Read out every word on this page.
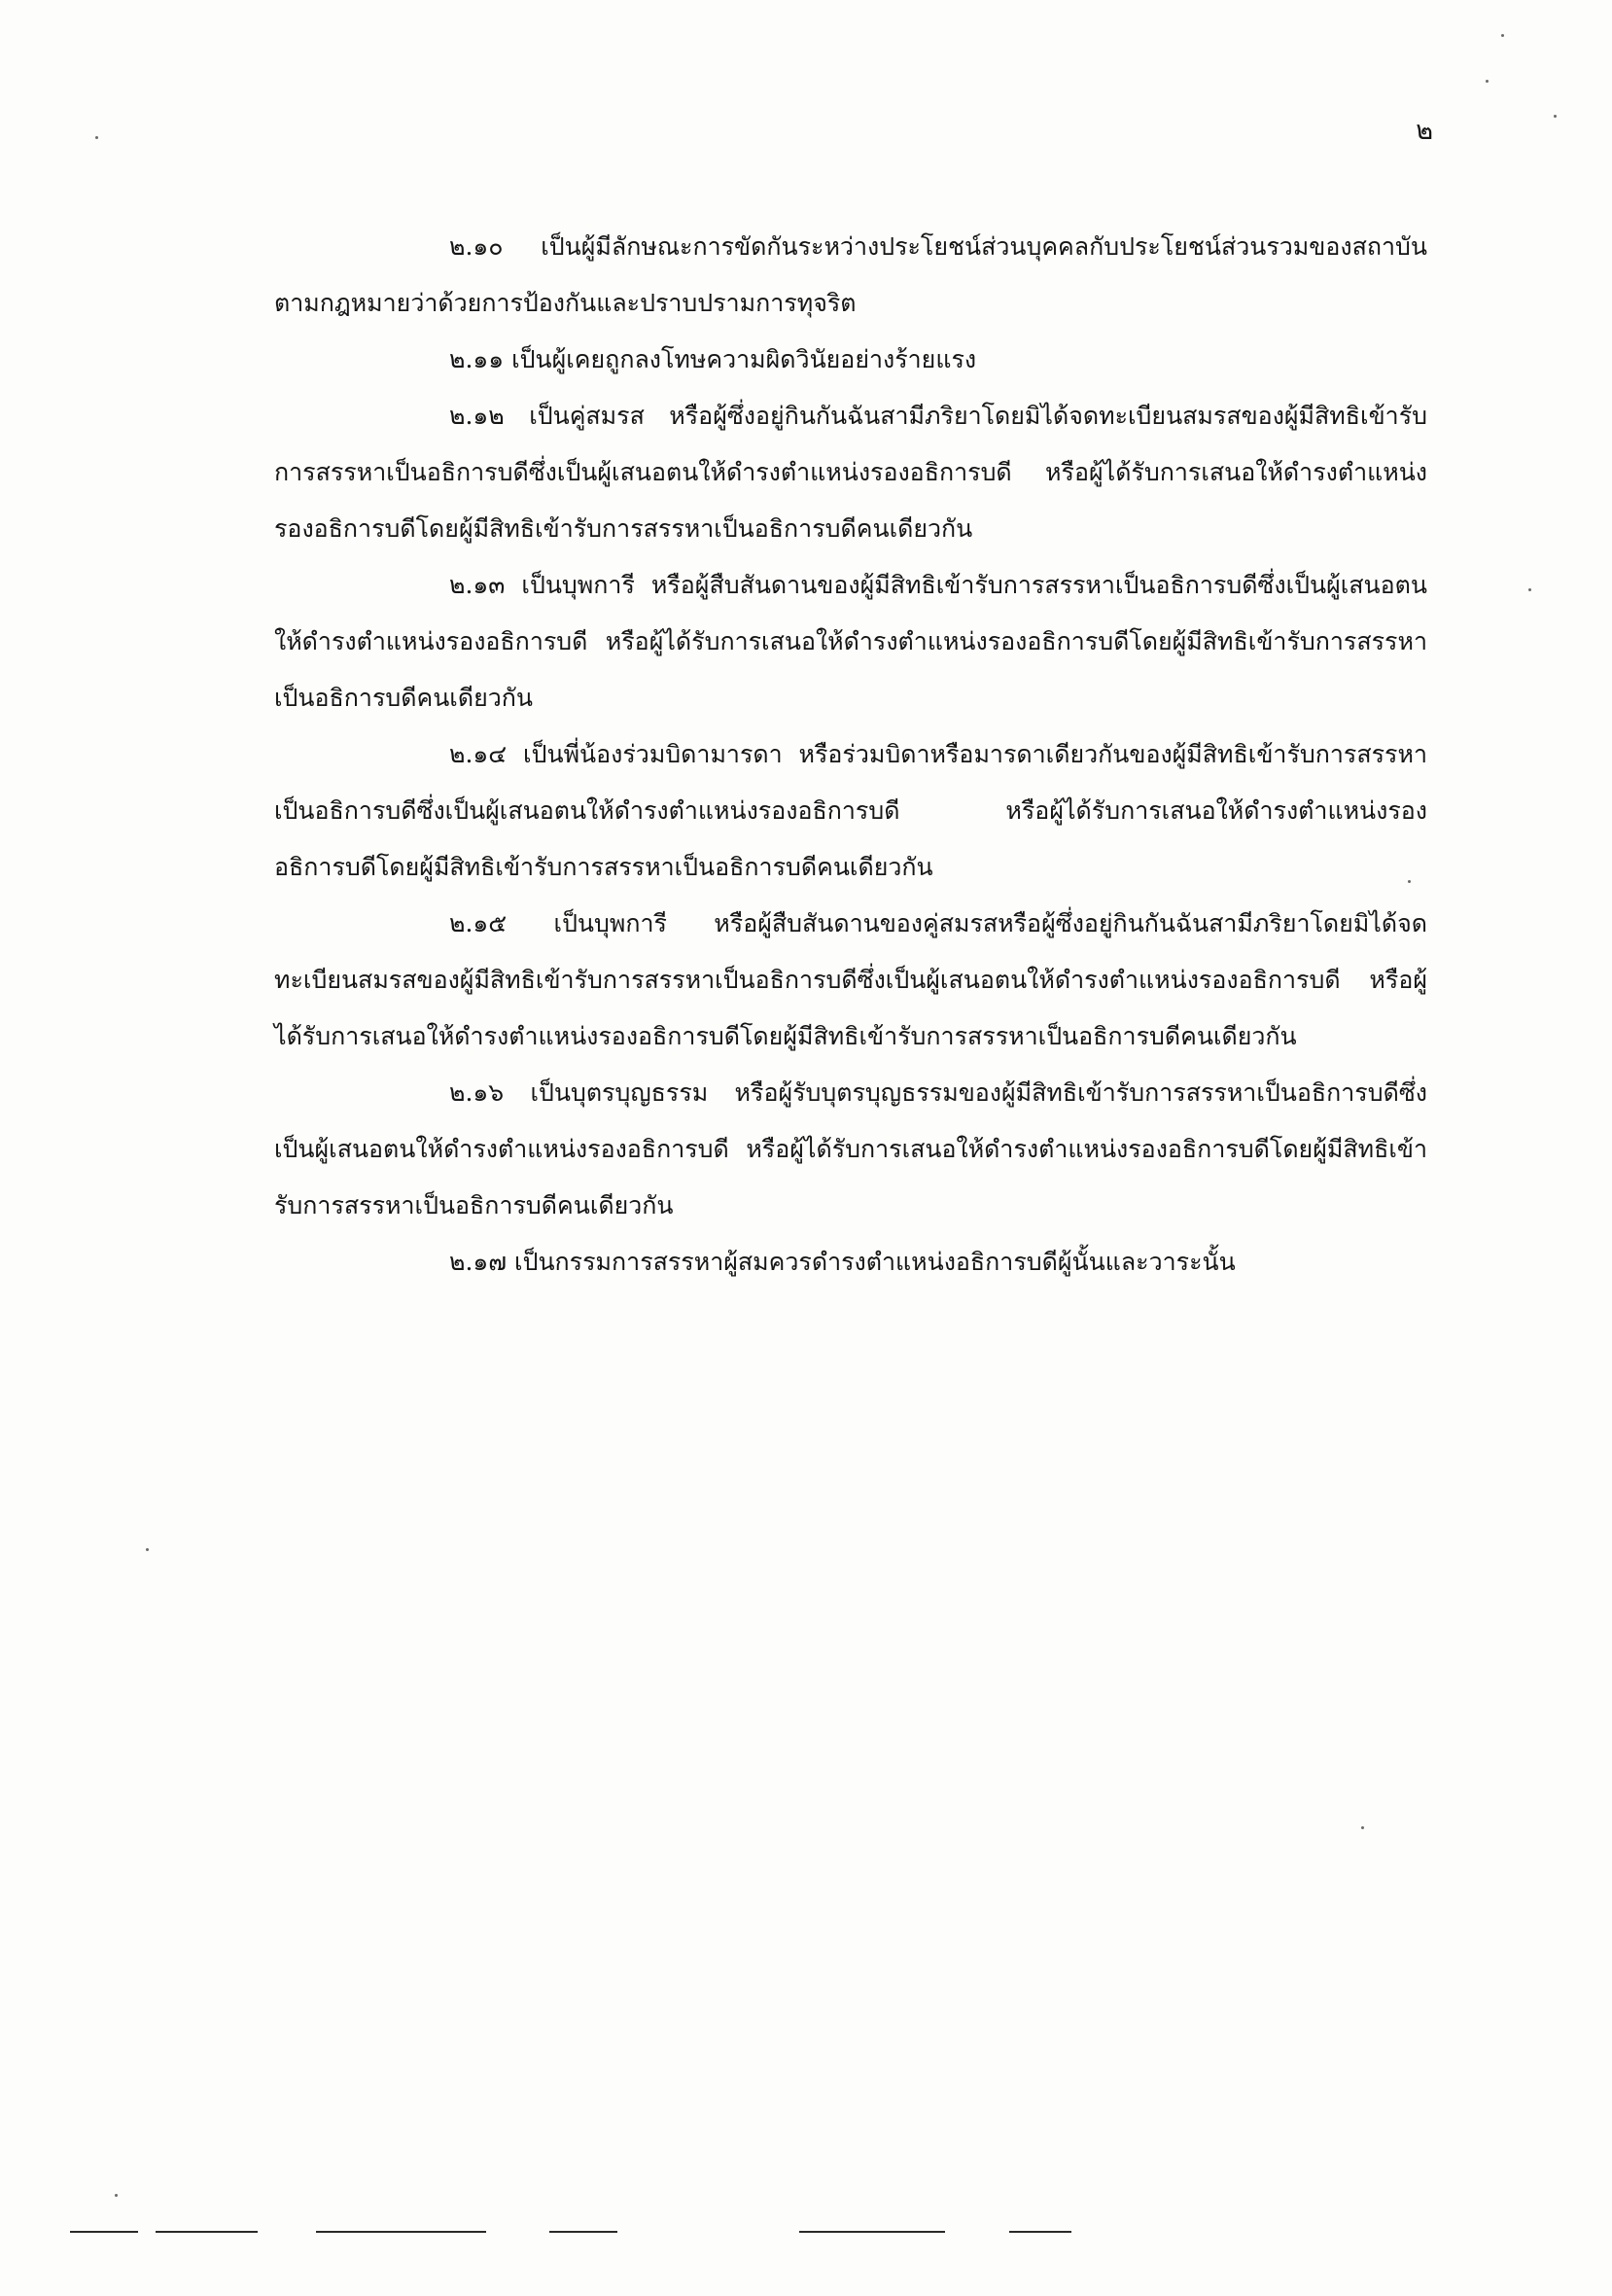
๒

๒.๑๐ เป็นผู้มีลักษณะการขัดกันระหว่างประโยชน์ส่วนบุคคลกับประโยชน์ส่วนรวมของสถาบันตามกฎหมายว่าด้วยการป้องกันและปราบปรามการทุจริต

๒.๑๑ เป็นผู้เคยถูกลงโทษความผิดวินัยอย่างร้ายแรง

๒.๑๒ เป็นคู่สมรส หรือผู้ซึ่งอยู่กินกันฉันสามีภริยาโดยมิได้จดทะเบียนสมรสของผู้มีสิทธิเข้ารับการสรรหาเป็นอธิการบดีซึ่งเป็นผู้เสนอตนให้ดำรงตำแหน่งรองอธิการบดี หรือผู้ได้รับการเสนอให้ดำรงตำแหน่งรองอธิการบดีโดยผู้มีสิทธิเข้ารับการสรรหาเป็นอธิการบดีคนเดียวกัน

๒.๑๓ เป็นบุพการี หรือผู้สืบสันดานของผู้มีสิทธิเข้ารับการสรรหาเป็นอธิการบดีซึ่งเป็นผู้เสนอตนให้ดำรงตำแหน่งรองอธิการบดี หรือผู้ได้รับการเสนอให้ดำรงตำแหน่งรองอธิการบดีโดยผู้มีสิทธิเข้ารับการสรรหาเป็นอธิการบดีคนเดียวกัน

๒.๑๔ เป็นพี่น้องร่วมบิดามารดา หรือร่วมบิดาหรือมารดาเดียวกันของผู้มีสิทธิเข้ารับการสรรหาเป็นอธิการบดีซึ่งเป็นผู้เสนอตนให้ดำรงตำแหน่งรองอธิการบดี หรือผู้ได้รับการเสนอให้ดำรงตำแหน่งรองอธิการบดีโดยผู้มีสิทธิเข้ารับการสรรหาเป็นอธิการบดีคนเดียวกัน

๒.๑๕ เป็นบุพการี หรือผู้สืบสันดานของคู่สมรสหรือผู้ซึ่งอยู่กินกันฉันสามีภริยาโดยมิได้จดทะเบียนสมรสของผู้มีสิทธิเข้ารับการสรรหาเป็นอธิการบดีซึ่งเป็นผู้เสนอตนให้ดำรงตำแหน่งรองอธิการบดี หรือผู้ได้รับการเสนอให้ดำรงตำแหน่งรองอธิการบดีโดยผู้มีสิทธิเข้ารับการสรรหาเป็นอธิการบดีคนเดียวกัน

๒.๑๖ เป็นบุตรบุญธรรม หรือผู้รับบุตรบุญธรรมของผู้มีสิทธิเข้ารับการสรรหาเป็นอธิการบดีซึ่งเป็นผู้เสนอตนให้ดำรงตำแหน่งรองอธิการบดี หรือผู้ได้รับการเสนอให้ดำรงตำแหน่งรองอธิการบดีโดยผู้มีสิทธิเข้ารับการสรรหาเป็นอธิการบดีคนเดียวกัน

๒.๑๗ เป็นกรรมการสรรหาผู้สมควรดำรงตำแหน่งอธิการบดีผู้นั้นและวาระนั้น
